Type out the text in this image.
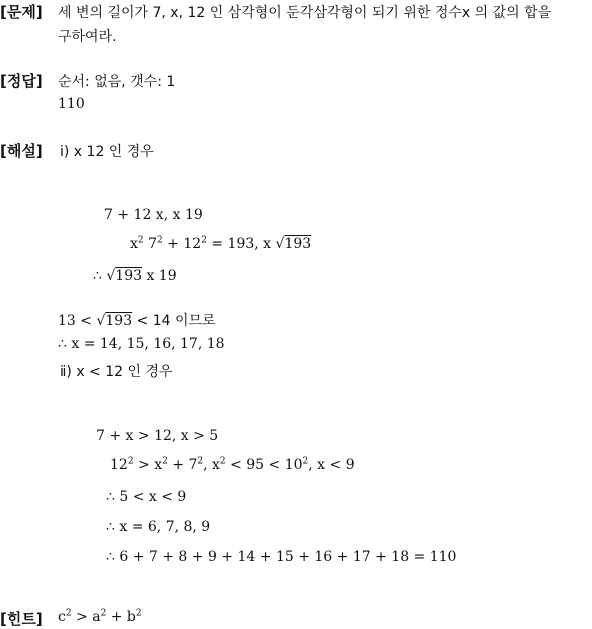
[문제] 세 변의 길이가 7, x, 12 인 삼각형이 둔각삼각형이 되기 위한 정수x 의 값의 합을
구하여라.
[정답] 순서: 없음, 갯수: 1
110
[해설] ⅰ) x 12 인 경우
7 + 12 x, x 19
$x^2$ $7^2 + 12^2 = 193$, x √193
∴ √193 x 19
13 < √193 < 14 이므로
∴ x = 14, 15, 16, 17, 18
ⅱ) x < 12 인 경우
7 + x > 12, x > 5
$12^2 > x^2 + 7^2$, $x^2 < 95 < 10^2$, x < 9
∴ 5 < x < 9
∴ x = 6, 7, 8, 9
∴ 6 + 7 + 8 + 9 + 14 + 15 + 16 + 17 + 18 = 110
[힌트] $c^2 > a^2 + b^2$
